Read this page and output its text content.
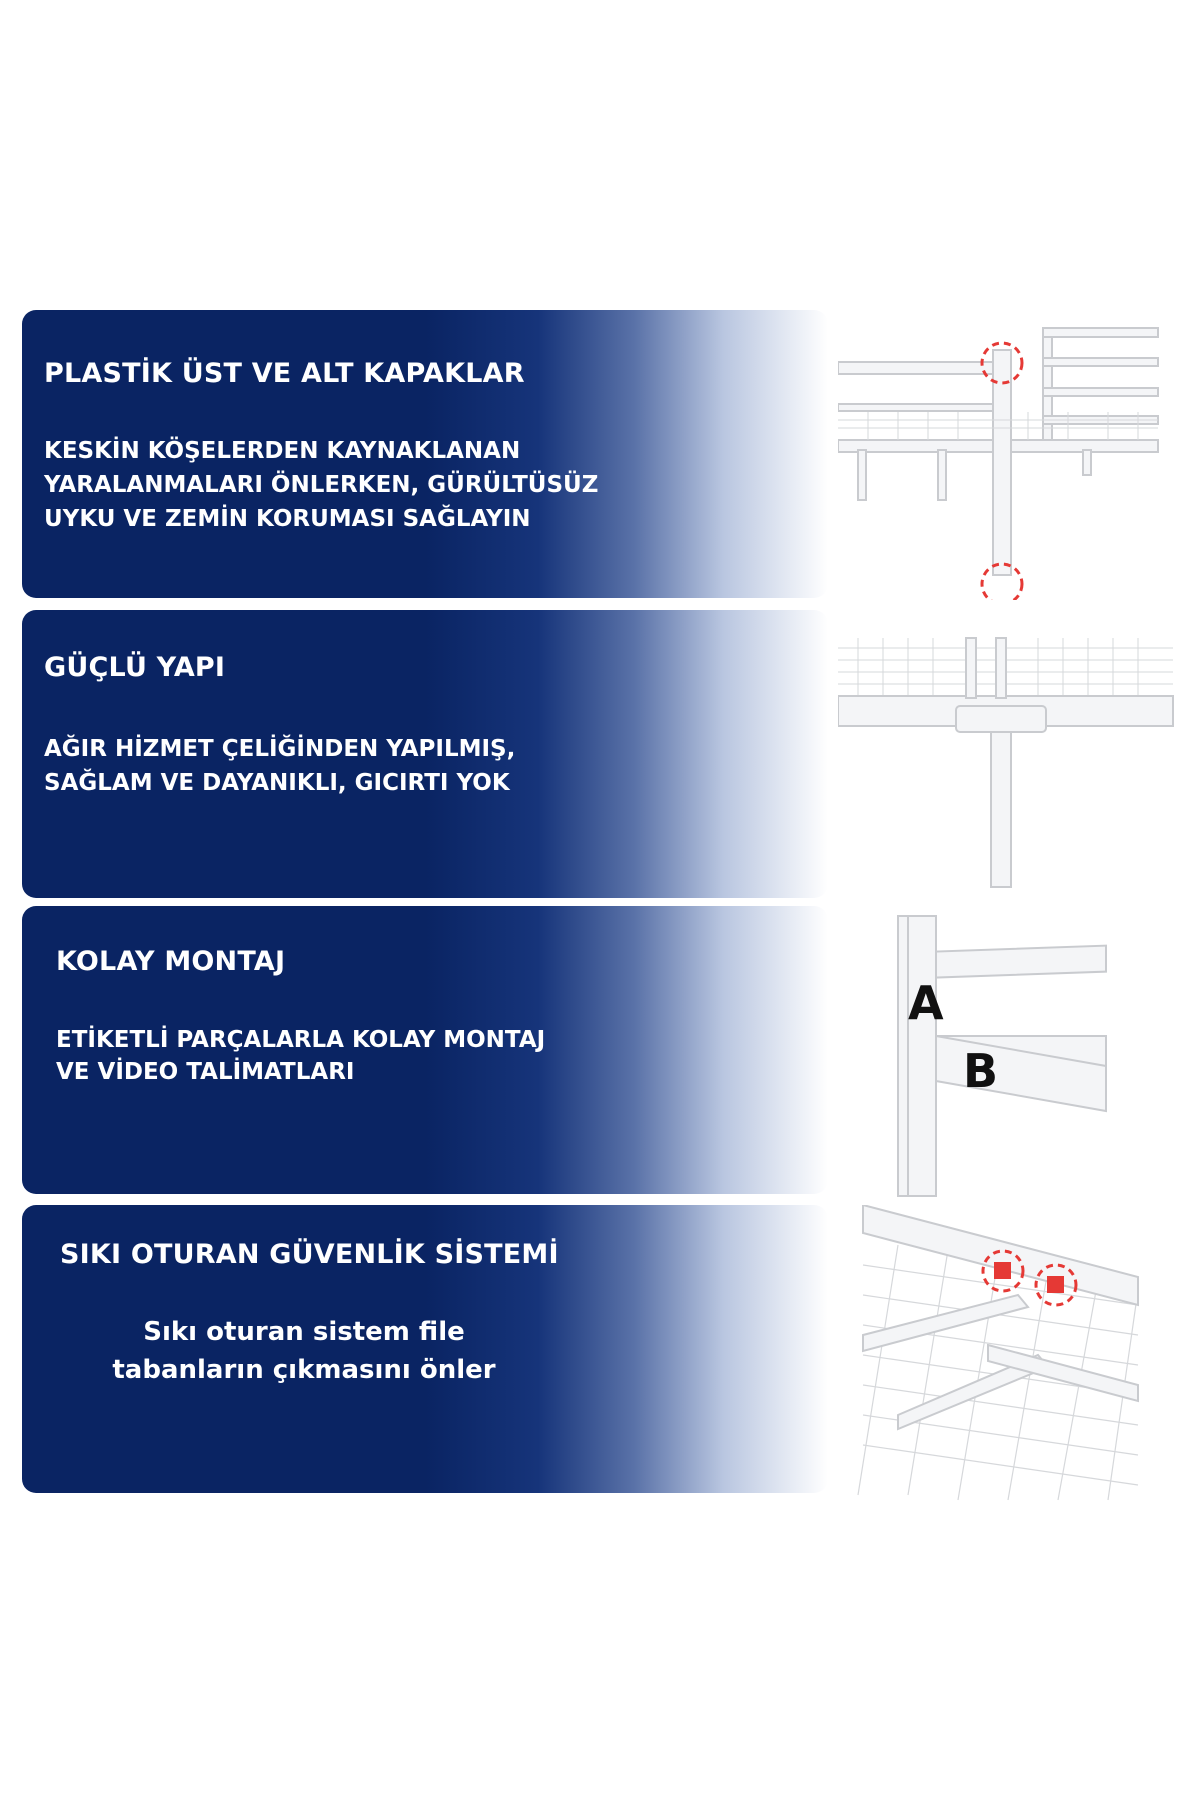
PLASTİK ÜST VE ALT KAPAKLAR
KESKİN KÖŞELERDEN KAYNAKLANAN
YARALANMALARI ÖNLERKEN, GÜRÜLTÜSÜZ
UYKU VE ZEMİN KORUMASI SAĞLAYIN
GÜÇLÜ YAPI
AĞIR HİZMET ÇELİĞİNDEN YAPILMIŞ,
SAĞLAM VE DAYANIKLI, GICIRTI YOK
KOLAY MONTAJ
ETİKETLİ PARÇALARLA KOLAY MONTAJ
VE VİDEO TALİMATLARI
A
B
SIKI OTURAN GÜVENLİK SİSTEMİ
Sıkı oturan sistem file
tabanların çıkmasını önler
